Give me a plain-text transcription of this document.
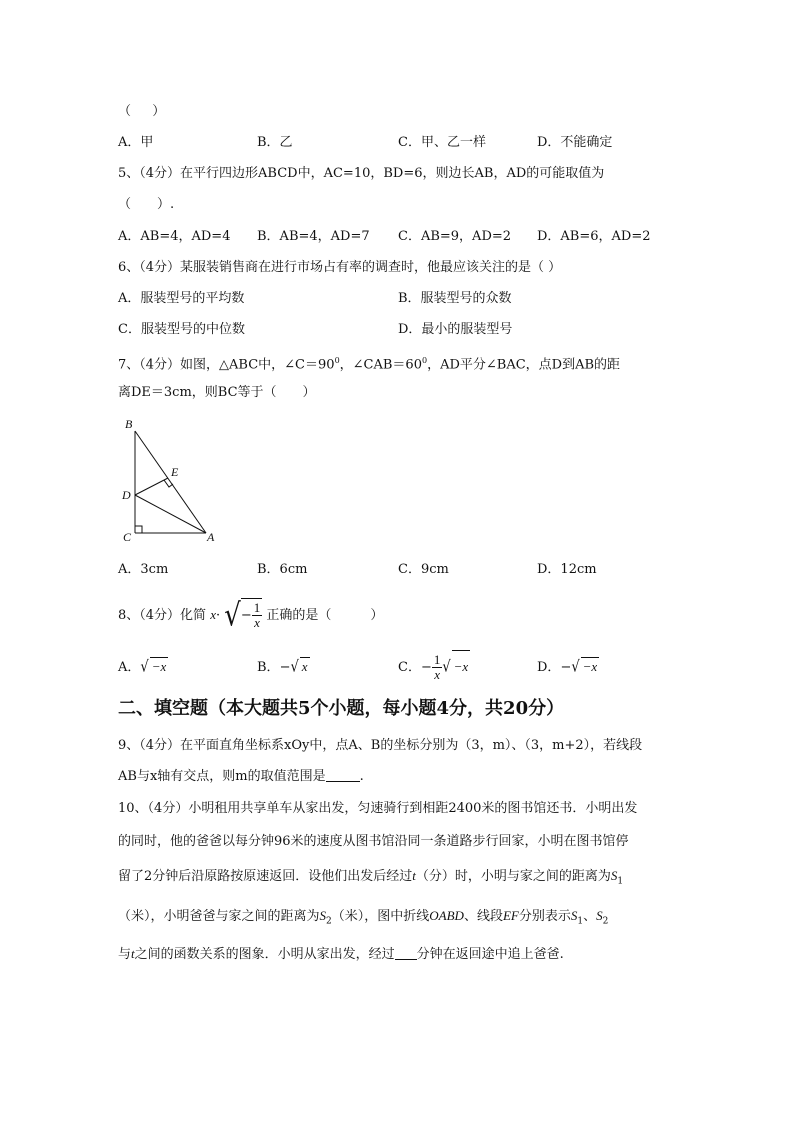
（ 　 ）
A．甲	B．乙	C．甲、乙一样	D．不能确定
5、（4分）在平行四边形ABCD中，AC=10，BD=6，则边长AB，AD的可能取值为
（　　）.
A．AB=4，AD=4 B．AB=4，AD=7 C．AB=9，AD=2 D．AB=6，AD=2
6、（4分）某服装销售商在进行市场占有率的调查时，他最应该关注的是（ ）
A．服装型号的平均数	B．服装型号的众数
C．服装型号的中位数	D．最小的服装型号
7、（4分）如图，△ABC中，$\angle C=90^0$，$\angle CAB=60^0$，AD平分∠BAC，点D到AB的距
离DE＝3cm，则BC等于（　　）
B
E
D
C	A
A．3cm	B．6cm	C．9cm	D．12cm
8、（4分）化简 x· √− $\frac{1}{x}$ 正确的是（　　　）
A．√ −x	B．−√ x	C．− $\frac{1}{x}$ √ −x	D．−√ −x
二、填空题（本大题共5个小题，每小题4分，共20分）
9、（4分）在平面直角坐标系xOy中，点A、B的坐标分别为（3，m）、（3，m+2），若线段
AB与x轴有交点，则m的取值范围是	.
10、（4分）小明租用共享单车从家出发，匀速骑行到相距2400米的图书馆还书．小明出发
的同时，他的爸爸以每分钟96米的速度从图书馆沿同一条道路步行回家，小明在图书馆停
留了2分钟后沿原路按原速返回．设他们出发后经过t（分）时，小明与家之间的距离为$S_1$
（米），小明爸爸与家之间的距离为$S_2$（米），图中折线OABD、线段EF分别表示$S_1$、$S_2$
与t之间的函数关系的图象．小明从家出发，经过 分钟在返回途中追上爸爸.
